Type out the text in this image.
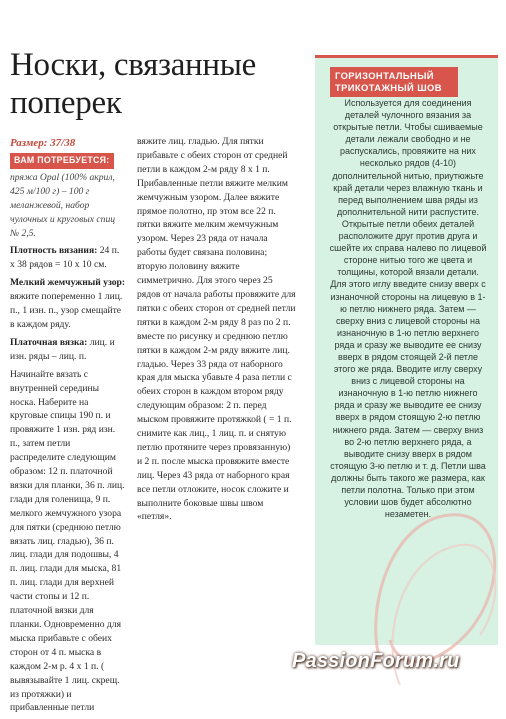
Носки, связанные поперек
Размер: 37/38
ВАМ ПОТРЕБУЕТСЯ:

пряжа Opal (100% акрил, 425 м/100 г) – 100 г меланжевой, набор чулочных и круговых спиц № 2,5.

Плотность вязания: 24 п. х 38 рядов = 10 х 10 см.

Мелкий жемчужный узор: вяжите попеременно 1 лиц. п., 1 изн. п., узор смещайте в каждом ряду.

Платочная вязка: лиц. и изн. ряды – лиц. п.

Начинайте вязать с внутренней середины носка. Наберите на круговые спицы 190 п. и провяжите 1 изн. ряд изн. п., затем петли распределите следующим образом: 12 п. платочной вязки для планки, 36 п. лиц. глади для голенища, 9 п. мелкого жемчужного узора для пятки (среднюю петлю вязать лиц. гладью), 36 п. лиц. глади для подошвы, 4 п. лиц. глади для мыска, 81 п. лиц. глади для верхней части стопы и 12 п. платочной вязки для планки. Одновременно для мыска прибавьте с обеих сторон от 4 п. мыска в каждом 2-м р. 4 х 1 п. ( вывязывайте 1 лиц. скрещ. из протяжки) и прибавленные петли

вяжите лиц. гладью. Для пятки прибавьте с обеих сторон от средней петли в каждом 2-м ряду 8 х 1 п. Прибавленные петли вяжите мелким жемчужным узором. Далее вяжите прямое полотно, пр этом все 22 п. пятки вяжите мелким жемчужным узором. Через 23 ряда от начала работы будет связана половина; вторую половину вяжите симметрично. Для этого через 25 рядов от начала работы провяжите для пятки с обеих сторон от средней петли пятки в каждом 2-м ряду 8 раз по 2 п. вместе по рисунку и среднюю петлю пятки в каждом 2-м ряду вяжите лиц. гладью. Через 33 ряда от наборного края для мыска убавьте 4 раза петли с обеих сторон в каждом втором ряду следующим образом: 2 п. перед мыском провяжите протяжкой ( = 1 п. снимите как лиц., 1 лиц. п. и снятую петлю протяните через провязанную) и 2 п. после мыска провяжите вместе лиц. Через 43 ряда от наборного края все петли отложите, носок сложите и выполните боковые швы швом «петля».
ГОРИЗОНТАЛЬНЫЙ ТРИКОТАЖНЫЙ ШОВ
Используется для соединения деталей чулочного вязания за открытые петли. Чтобы сшиваемые детали лежали свободно и не распускались, провяжите на них несколько рядов (4-10) дополнительной нитью, приутюжьте край детали через влажную ткань и перед выполнением шва ряды из дополнительной нити распустите. Открытые петли обеих деталей расположите друг против друга и сшейте их справа налево по лицевой стороне нитью того же цвета и толщины, которой вязали детали. Для этого иглу введите снизу вверх с изнаночной стороны на лицевую в 1-ю петлю нижнего ряда. Затем — сверху вниз с лицевой стороны на изнаночную в 1-ю петлю верхнего ряда и сразу же выводите ее снизу вверх в рядом стоящей 2-й петле этого же ряда. Вводите иглу сверху вниз с лицевой стороны на изнаночную в 1-ю петлю нижнего ряда и сразу же выводите ее снизу вверх в рядом стоящую 2-ю петлю нижнего ряда. Затем — сверху вниз во 2-ю петлю верхнего ряда, а выводите снизу вверх в рядом стоящую 3-ю петлю и т. д. Петли шва должны быть такого же размера, как петли полотна. Только при этом условии шов будет абсолютно незаметен.
PassionForum.ru
